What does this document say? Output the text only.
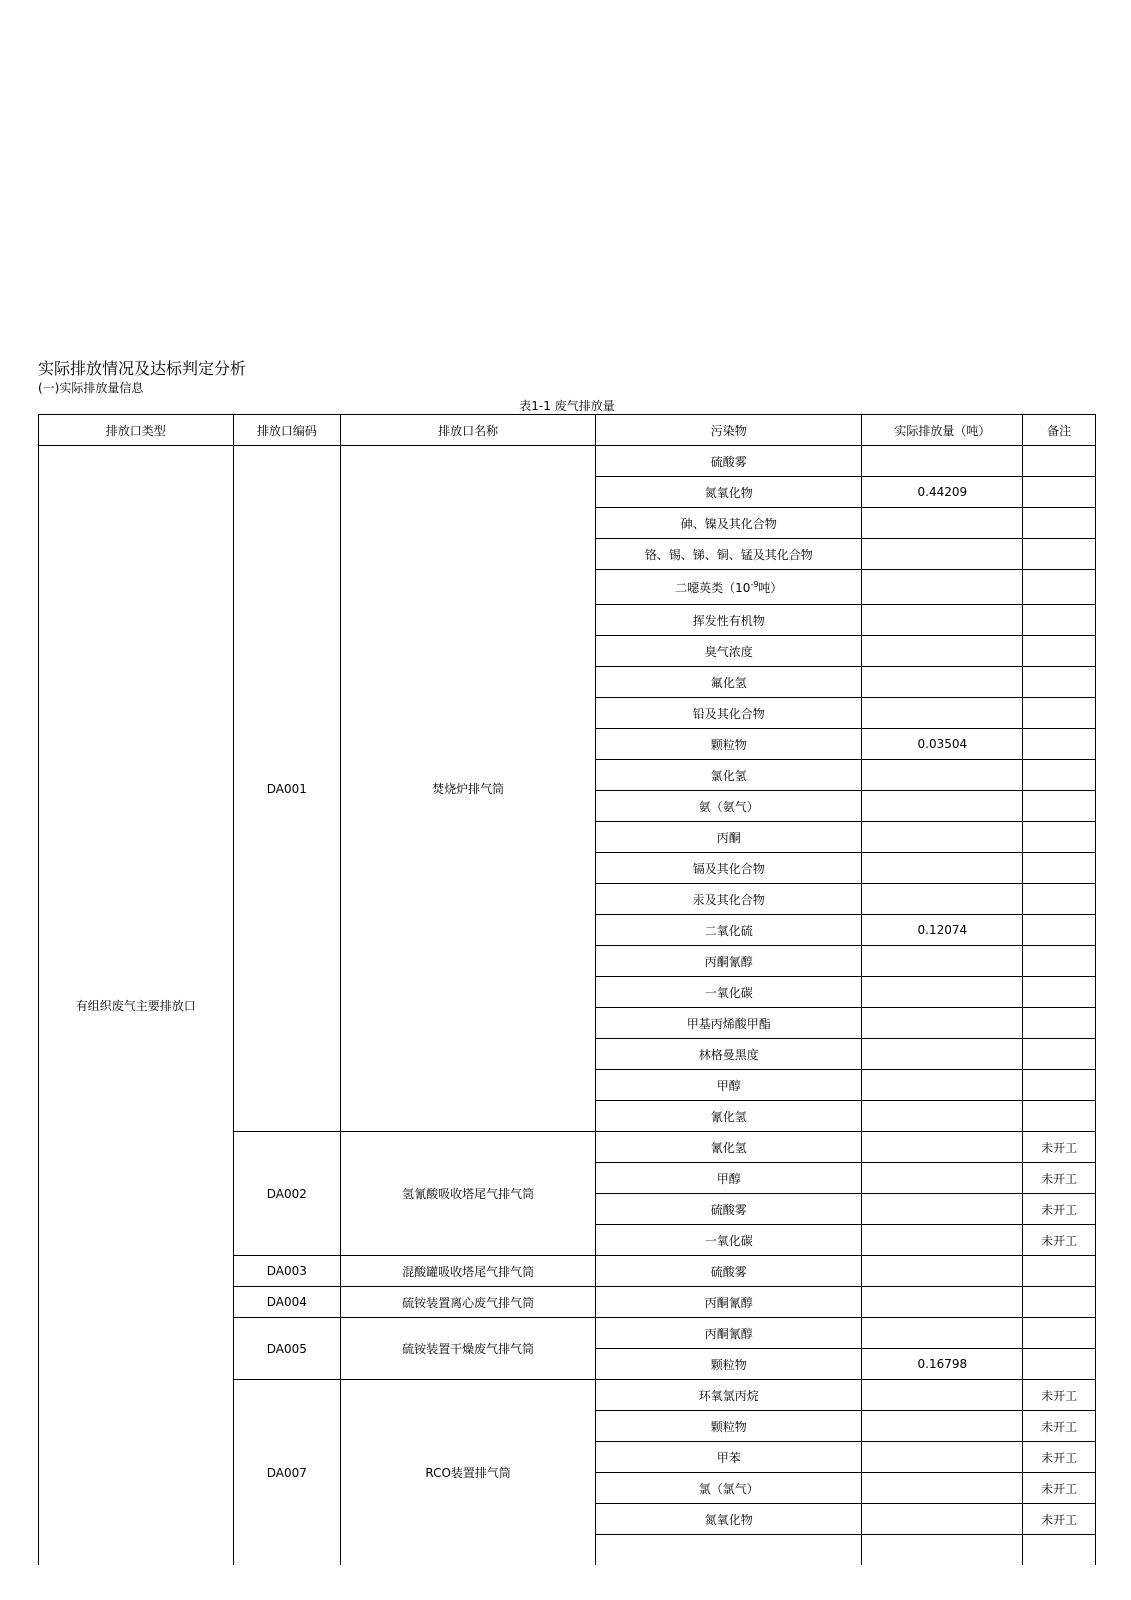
实际排放情况及达标判定分析
(一)实际排放量信息
表1-1 废气排放量
排放口类型	排放口编码	排放口名称	污染物	实际排放量（吨）	备注
有组织废气主要排放口	DA001	焚烧炉排气筒	硫酸雾		
			氮氧化物	0.44209	
			砷、镍及其化合物		
			铬、锡、锑、铜、锰及其化合物		
			二噁英类（$10^{-9}$吨）		
			挥发性有机物		
			臭气浓度		
			氟化氢		
			铅及其化合物		
			颗粒物	0.03504	
			氯化氢		
			氨（氨气）		
			丙酮		
			镉及其化合物		
			汞及其化合物		
			二氧化硫	0.12074	
			丙酮氰醇		
			一氧化碳		
			甲基丙烯酸甲酯		
			林格曼黑度		
			甲醇		
			氰化氢		
	DA002	氢氰酸吸收塔尾气排气筒	氰化氢		未开工
			甲醇		未开工
			硫酸雾		未开工
			一氧化碳		未开工
	DA003	混酸罐吸收塔尾气排气筒	硫酸雾		
	DA004	硫铵装置离心废气排气筒	丙酮氰醇		
	DA005	硫铵装置干燥废气排气筒	丙酮氰醇		
			颗粒物	0.16798	
	DA007	RCO装置排气筒	环氧氯丙烷		未开工
			颗粒物		未开工
			甲苯		未开工
			氯（氯气）		未开工
			氮氧化物		未开工
